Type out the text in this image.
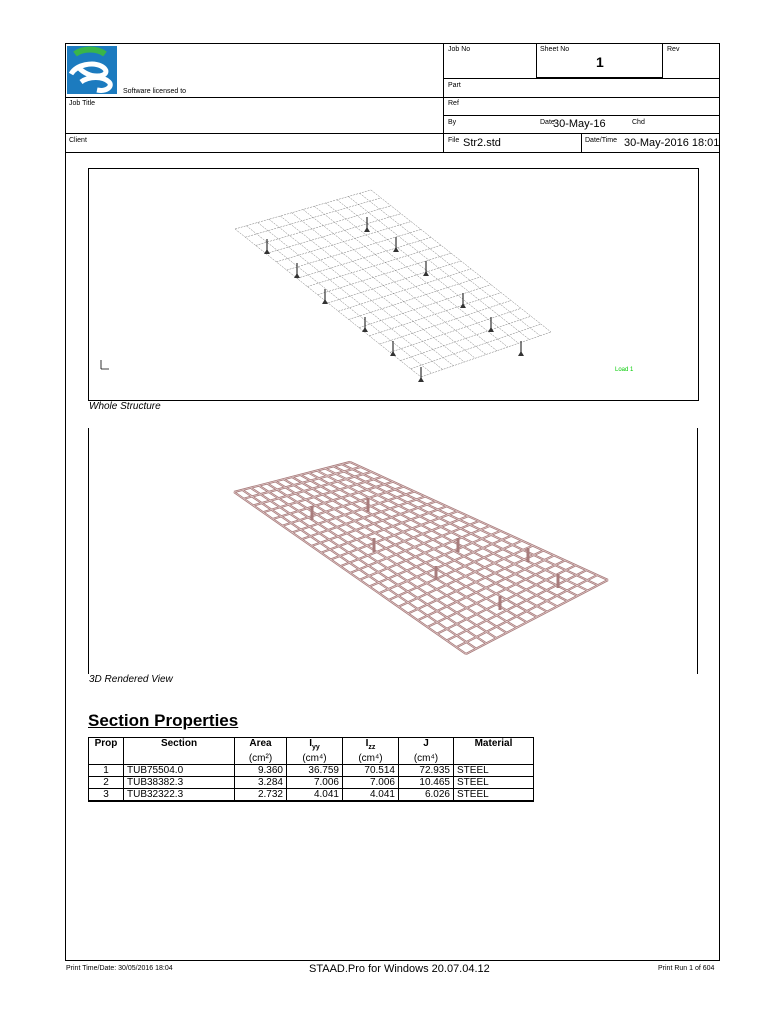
Software licensed to
Job No	Sheet No
1
Rev
Part
Job Title	Ref
By	Date
30-May-16	Chd
Client	File Str2.std	Date/Time 30-May-2016 18:01
Load 1
Whole Structure
3D Rendered View
Section Properties
Prop	Section	Area	$I_{yy}$	$I_{zz}$	J	Material
		(cm²)	(cm⁴)	(cm⁴)	(cm⁴)	
1	TUB75504.0	9.360	36.759	70.514	72.935	STEEL
2	TUB38382.3	3.284	7.006	7.006	10.465	STEEL
3	TUB32322.3	2.732	4.041	4.041	6.026	STEEL
Print Time/Date: 30/05/2016 18:04	STAAD.Pro for Windows 20.07.04.12	Print Run 1 of 604
